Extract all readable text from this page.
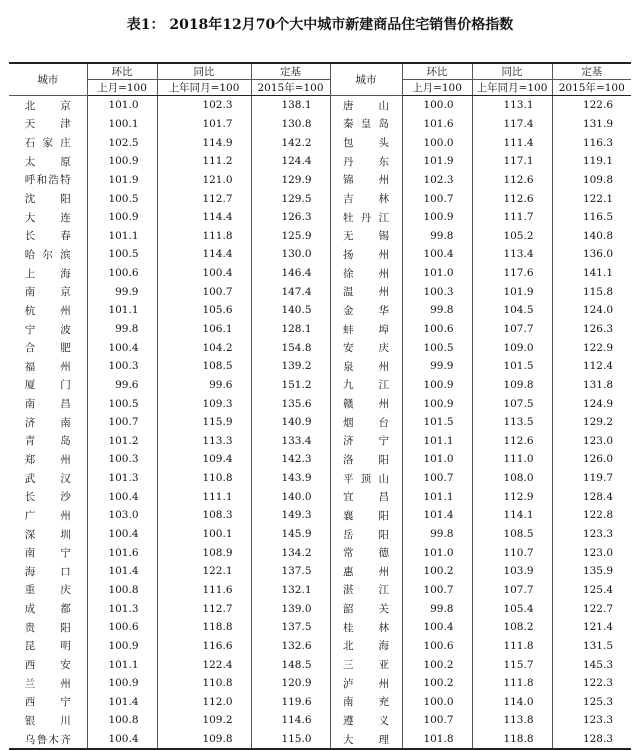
表1： 2018年12月70个大中城市新建商品住宅销售价格指数
城市	环比	同比	定基	城市	环比	同比	定基
	上月=100	上年同月=100	2015年=100		上月=100	上年同月=100	2015年=100
北　京	101.0	102.3	138.1	唐　山	100.0	113.1	122.6
天　津	100.1	101.7	130.8	秦皇岛	101.6	117.4	131.9
石家庄	102.5	114.9	142.2	包　头	100.0	111.4	116.3
太　原	100.9	111.2	124.4	丹　东	101.9	117.1	119.1
呼和浩特	101.9	121.0	129.9	锦　州	102.3	112.6	109.8
沈　阳	100.5	112.7	129.5	吉　林	100.7	112.6	122.1
大　连	100.9	114.4	126.3	牡丹江	100.9	111.7	116.5
长　春	101.1	111.8	125.9	无　锡	99.8	105.2	140.8
哈尔滨	100.5	114.4	130.0	扬　州	100.4	113.4	136.0
上　海	100.6	100.4	146.4	徐　州	101.0	117.6	141.1
南　京	99.9	100.7	147.4	温　州	100.3	101.9	115.8
杭　州	101.1	105.6	140.5	金　华	99.8	104.5	124.0
宁　波	99.8	106.1	128.1	蚌　埠	100.6	107.7	126.3
合　肥	100.4	104.2	154.8	安　庆	100.5	109.0	122.9
福　州	100.3	108.5	139.2	泉　州	99.9	101.5	112.4
厦　门	99.6	99.6	151.2	九　江	100.9	109.8	131.8
南　昌	100.5	109.3	135.6	赣　州	100.9	107.5	124.9
济　南	100.7	115.9	140.9	烟　台	101.5	113.5	129.2
青　岛	101.2	113.3	133.4	济　宁	101.1	112.6	123.0
郑　州	100.3	109.4	142.3	洛　阳	101.0	111.0	126.0
武　汉	101.3	110.8	143.9	平顶山	100.7	108.0	119.7
长　沙	100.4	111.1	140.0	宜　昌	101.1	112.9	128.4
广　州	103.0	108.3	149.3	襄　阳	101.4	114.1	122.8
深　圳	100.4	100.1	145.9	岳　阳	99.8	108.5	123.3
南　宁	101.6	108.9	134.2	常　德	101.0	110.7	123.0
海　口	101.4	122.1	137.5	惠　州	100.2	103.9	135.9
重　庆	100.8	111.6	132.1	湛　江	100.7	107.7	125.4
成　都	101.3	112.7	139.0	韶　关	99.8	105.4	122.7
贵　阳	100.6	118.8	137.5	桂　林	100.4	108.2	121.4
昆　明	100.9	116.6	132.6	北　海	100.6	111.8	131.5
西　安	101.1	122.4	148.5	三　亚	100.2	115.7	145.3
兰　州	100.9	110.8	120.9	泸　州	100.2	111.8	122.3
西　宁	101.4	112.0	119.6	南　充	100.0	114.0	125.3
银　川	100.8	109.2	114.6	遵　义	100.7	113.8	123.3
乌鲁木齐	100.4	109.8	115.0	大　理	101.8	118.8	128.3
